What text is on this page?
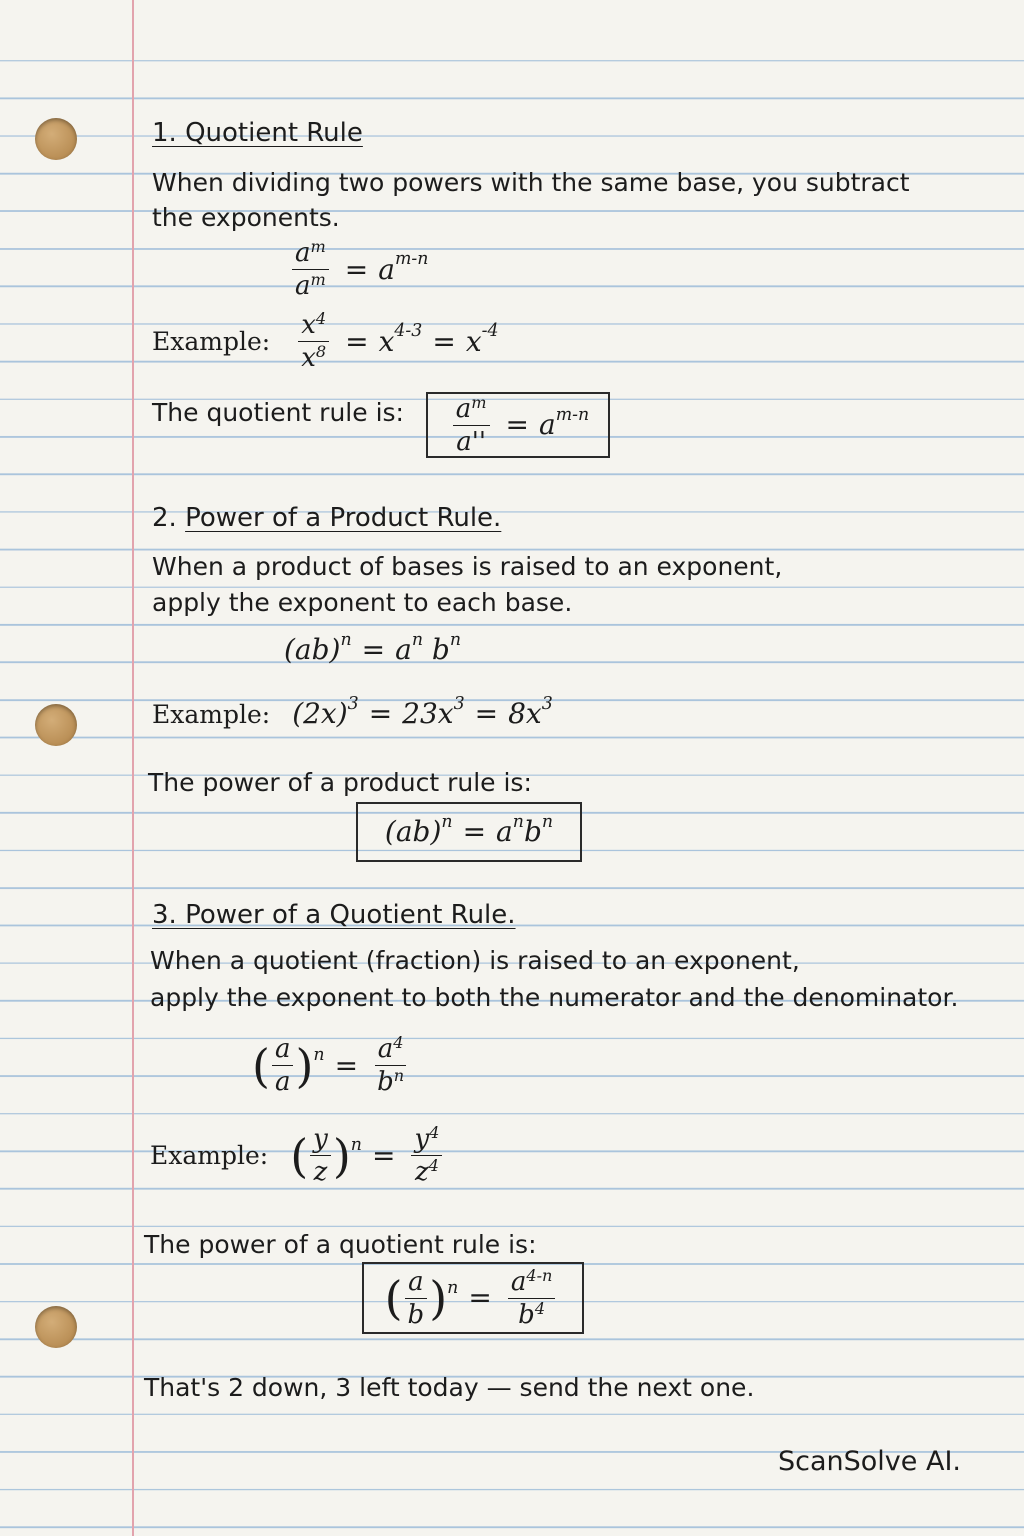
1. Quotient Rule
When dividing two powers with the same base, you subtract
the exponents.
$\frac{a^m}{a^m} = a^{m-n}$
Example: $\frac{x^4}{x^8} = x^{4-3} = x^{-4}$
The quotient rule is: $\frac{a^m}{a''} = a^{m-n}$
2. Power of a Product Rule.
When a product of bases is raised to an exponent,
apply the exponent to each base.
$(ab)^n = a^n$
$b^n$
Example: $(2x)^3 = 23x^3 = 8x^3$
The power of a product rule is:
$(ab)^n = a^n$ $b^n$
3. Power of a Quotient Rule.
When a quotient (fraction) is raised to an exponent,
apply the exponent to both the numerator and the denominator.
( $\frac{a}{a} )^n = \frac{a^4}{b^n}$
Example: ( $\frac{y}{z} )^n = \frac{y^4}{z^4}$
The power of a quotient rule is:
( $\frac{a}{b} )^n = \frac{a^{4-n}}{b^4}$
That's 2 down, 3 left today — send the next one.
ScanSolve AI.
